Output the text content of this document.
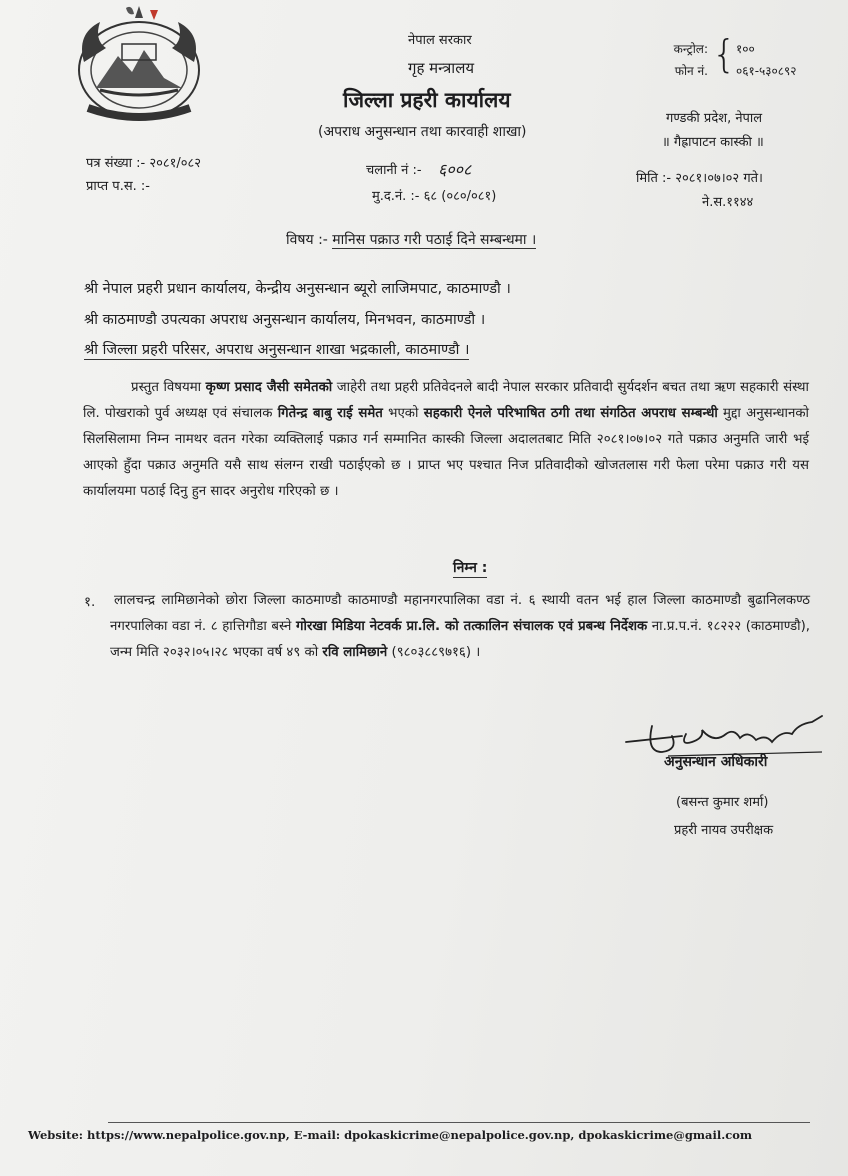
नेपाल सरकार
गृह मन्त्रालय
जिल्ला प्रहरी कार्यालय
(अपराध अनुसन्धान तथा कारवाही शाखा)
कन्ट्रोल:
फोन नं. { १००
०६१-५३०८९२
गण्डकी प्रदेश, नेपाल
॥ गैह्रापाटन कास्की ॥
पत्र संख्या :- २०८१/०८२
प्राप्त प.स. :-
चलानी नं :- ६००८
मु.द.नं. :- ६८ (०८०/०८१)
मिति :- २०८१।०७।०२ गते।
ने.स.११४४
विषय :- मानिस पक्राउ गरी पठाई दिने सम्बन्धमा ।
श्री नेपाल प्रहरी प्रधान कार्यालय, केन्द्रीय अनुसन्धान ब्यूरो लाजिमपाट, काठमाण्डौ ।
श्री काठमाण्डौ उपत्यका अपराध अनुसन्धान कार्यालय, मिनभवन, काठमाण्डौ ।
श्री जिल्ला प्रहरी परिसर, अपराध अनुसन्धान शाखा भद्रकाली, काठमाण्डौ ।

प्रस्तुत विषयमा कृष्ण प्रसाद जैसी समेतको जाहेरी तथा प्रहरी प्रतिवेदनले बादी नेपाल सरकार प्रतिवादी सुर्यदर्शन बचत तथा ऋण सहकारी संस्था लि. पोखराको पुर्व अध्यक्ष एवं संचालक गितेन्द्र बाबु राई समेत भएको सहकारी ऐनले परिभाषित ठगी तथा संगठित अपराध सम्बन्धी मुद्दा अनुसन्धानको सिलसिलामा निम्न नामथर वतन गरेका व्यक्तिलाई पक्राउ गर्न सम्मानित कास्की जिल्ला अदालतबाट मिति २०८१।०७।०२ गते पक्राउ अनुमति जारी भई आएको हुँदा पक्राउ अनुमति यसै साथ संलग्न राखी पठाईएको छ । प्राप्त भए पश्चात निज प्रतिवादीको खोजतलास गरी फेला परेमा पक्राउ गरी यस कार्यालयमा पठाई दिनु हुन सादर अनुरोध गरिएको छ ।

निम्न :
१.	लालचन्द्र लामिछानेको छोरा जिल्ला काठमाण्डौ काठमाण्डौ महानगरपालिका वडा नं. ६ स्थायी वतन भई हाल जिल्ला काठमाण्डौ बुढानिलकण्ठ नगरपालिका वडा नं. ८ हात्तिगौडा बस्ने गोरखा मिडिया नेटवर्क प्रा.लि. को तत्कालिन संचालक एवं प्रबन्ध निर्देशक ना.प्र.प.नं. १८२२२ (काठमाण्डौ), जन्म मिति २०३२।०५।२८ भएका वर्ष ४९ को रवि लामिछाने (९८०३८८९७१६) ।
अनुसन्धान अधिकारी
(बसन्त कुमार शर्मा)
प्रहरी नायव उपरीक्षक
Website: https://www.nepalpolice.gov.np, E-mail: dpokaskicrime@nepalpolice.gov.np, dpokaskicrime@gmail.com
